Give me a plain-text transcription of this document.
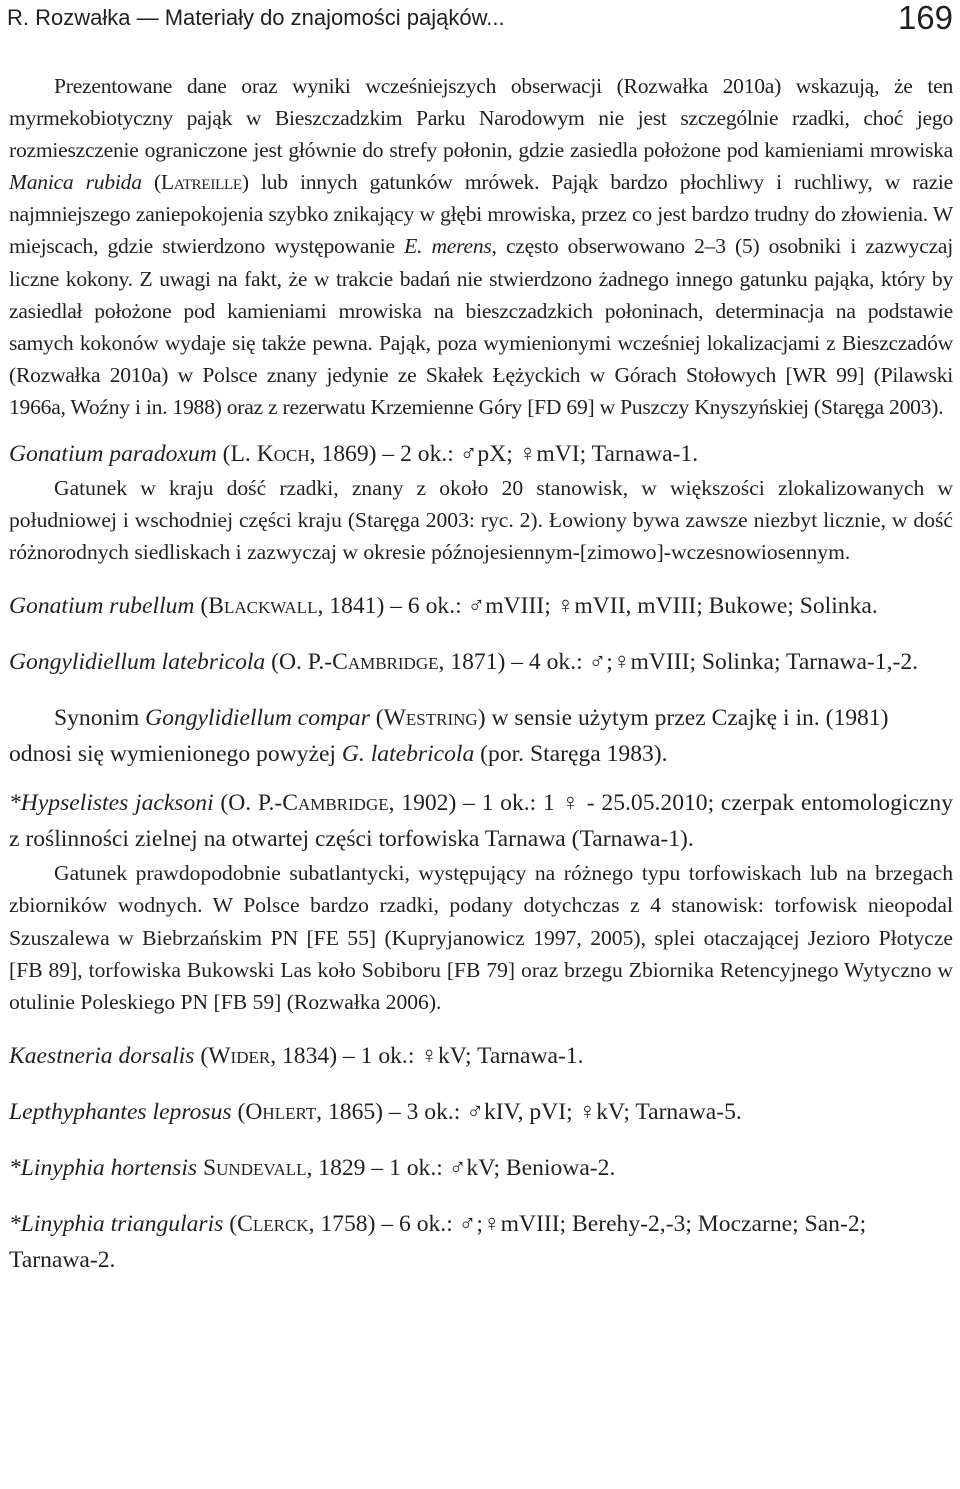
R. Rozwałka — Materiały do znajomości pająków...	169

Prezentowane dane oraz wyniki wcześniejszych obserwacji (Rozwałka 2010a) wskazują, że ten myrmekobiotyczny pająk w Bieszczadzkim Parku Narodowym nie jest szczególnie rzadki, choć jego rozmieszczenie ograniczone jest głównie do strefy połonin, gdzie zasiedla położone pod kamieniami mrowiska Manica rubida (Latreille) lub innych gatunków mrówek. Pająk bardzo płochliwy i ruchliwy, w razie najmniejszego zaniepokojenia szybko znikający w głębi mrowiska, przez co jest bardzo trudny do złowienia. W miejscach, gdzie stwierdzono występowanie E. merens, często obserwowano 2–3 (5) osobniki i zazwyczaj liczne kokony. Z uwagi na fakt, że w trakcie badań nie stwierdzono żadnego innego gatunku pająka, który by zasiedlał położone pod kamieniami mrowiska na bieszczadzkich połoninach, determinacja na podstawie samych kokonów wydaje się także pewna. Pająk, poza wymienionymi wcześniej lokalizacjami z Bieszczadów (Rozwałka 2010a) w Polsce znany jedynie ze Skałek Łężyckich w Górach Stołowych [WR 99] (Pilawski 1966a, Woźny i in. 1988) oraz z rezerwatu Krzemienne Góry [FD 69] w Puszczy Knyszyńskiej (Staręga 2003).

Gonatium paradoxum (L. Koch, 1869) – 2 ok.: ♂pX; ♀mVI; Tarnawa-1.

Gatunek w kraju dość rzadki, znany z około 20 stanowisk, w większości zlokalizowanych w południowej i wschodniej części kraju (Staręga 2003: ryc. 2). Łowiony bywa zawsze niezbyt licznie, w dość różnorodnych siedliskach i zazwyczaj w okresie późnojesiennym-[zimowo]-wczesnowiosennym.

Gonatium rubellum (Blackwall, 1841) – 6 ok.: ♂mVIII; ♀mVII, mVIII; Bukowe; Solinka.

Gongylidiellum latebricola (O. P.-Cambridge, 1871) – 4 ok.: ♂;♀mVIII; Solinka; Tarnawa-1,-2.

Synonim Gongylidiellum compar (Westring) w sensie użytym przez Czajkę i in. (1981) odnosi się wymienionego powyżej G. latebricola (por. Staręga 1983).

*Hypselistes jacksoni (O. P.-Cambridge, 1902) – 1 ok.: 1 ♀ - 25.05.2010; czerpak entomologiczny z roślinności zielnej na otwartej części torfowiska Tarnawa (Tarnawa-1).

Gatunek prawdopodobnie subatlantycki, występujący na różnego typu torfowiskach lub na brzegach zbiorników wodnych. W Polsce bardzo rzadki, podany dotychczas z 4 stanowisk: torfowisk nieopodal Szuszalewa w Biebrzańskim PN [FE 55] (Kupryjanowicz 1997, 2005), splei otaczającej Jezioro Płotycze [FB 89], torfowiska Bukowski Las koło Sobiboru [FB 79] oraz brzegu Zbiornika Retencyjnego Wytyczno w otulinie Poleskiego PN [FB 59] (Rozwałka 2006).

Kaestneria dorsalis (Wider, 1834) – 1 ok.: ♀kV; Tarnawa-1.

Lepthyphantes leprosus (Ohlert, 1865) – 3 ok.: ♂kIV, pVI; ♀kV; Tarnawa-5.

*Linyphia hortensis Sundevall, 1829 – 1 ok.: ♂kV; Beniowa-2.

*Linyphia triangularis (Clerck, 1758) – 6 ok.: ♂;♀mVIII; Berehy-2,-3; Moczarne; San-2; Tarnawa-2.
